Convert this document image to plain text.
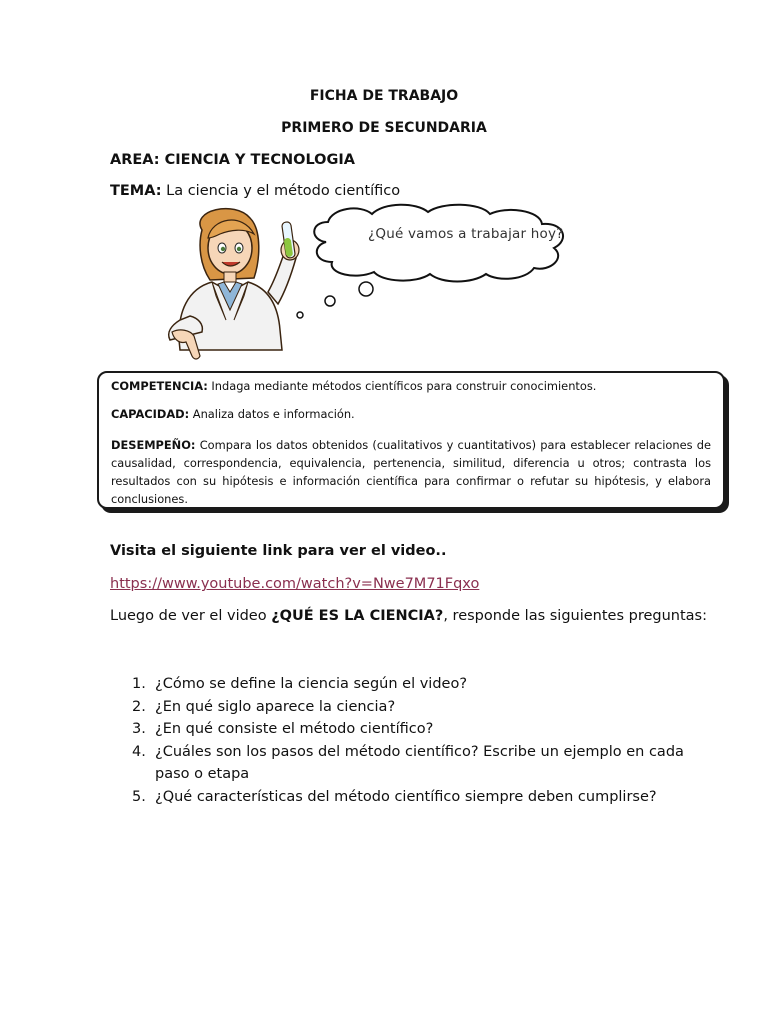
FICHA DE TRABAJO
PRIMERO DE SECUNDARIA
AREA: CIENCIA Y TECNOLOGIA
TEMA: La ciencia y el método científico
¿Qué vamos a trabajar hoy?

COMPETENCIA: Indaga mediante métodos científicos para construir conocimientos.

CAPACIDAD: Analiza datos e información.

DESEMPEÑO: Compara los datos obtenidos (cualitativos y cuantitativos) para establecer relaciones de causalidad, correspondencia, equivalencia, pertenencia, similitud, diferencia u otros; contrasta los resultados con su hipótesis e información científica para confirmar o refutar su hipótesis, y elabora conclusiones.

Visita el siguiente link para ver el video..
https://www.youtube.com/watch?v=Nwe7M71Fqxo
Luego de ver el video ¿QUÉ ES LA CIENCIA?, responde las siguientes preguntas:
1. ¿Cómo se define la ciencia según el video?
2. ¿En qué siglo aparece la ciencia?
3. ¿En qué consiste el método científico?
4. ¿Cuáles son los pasos del método científico? Escribe un ejemplo en cada paso o etapa
5. ¿Qué características del método científico siempre deben cumplirse?
